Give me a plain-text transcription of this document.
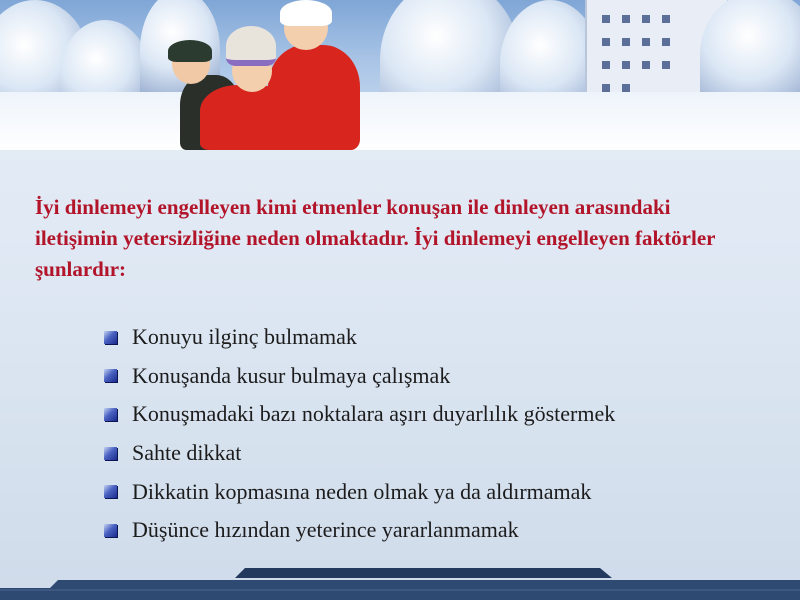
İyi dinlemeyi engelleyen kimi etmenler konuşan ile dinleyen arasındaki iletişimin yetersizliğine neden olmaktadır. İyi dinlemeyi engelleyen faktörler şunlardır:

Konuyu ilginç bulmamak
Konuşanda kusur bulmaya çalışmak
Konuşmadaki bazı noktalara aşırı duyarlılık göstermek
Sahte dikkat
Dikkatin kopmasına neden olmak ya da aldırmamak
Düşünce hızından yeterince yararlanmamak
